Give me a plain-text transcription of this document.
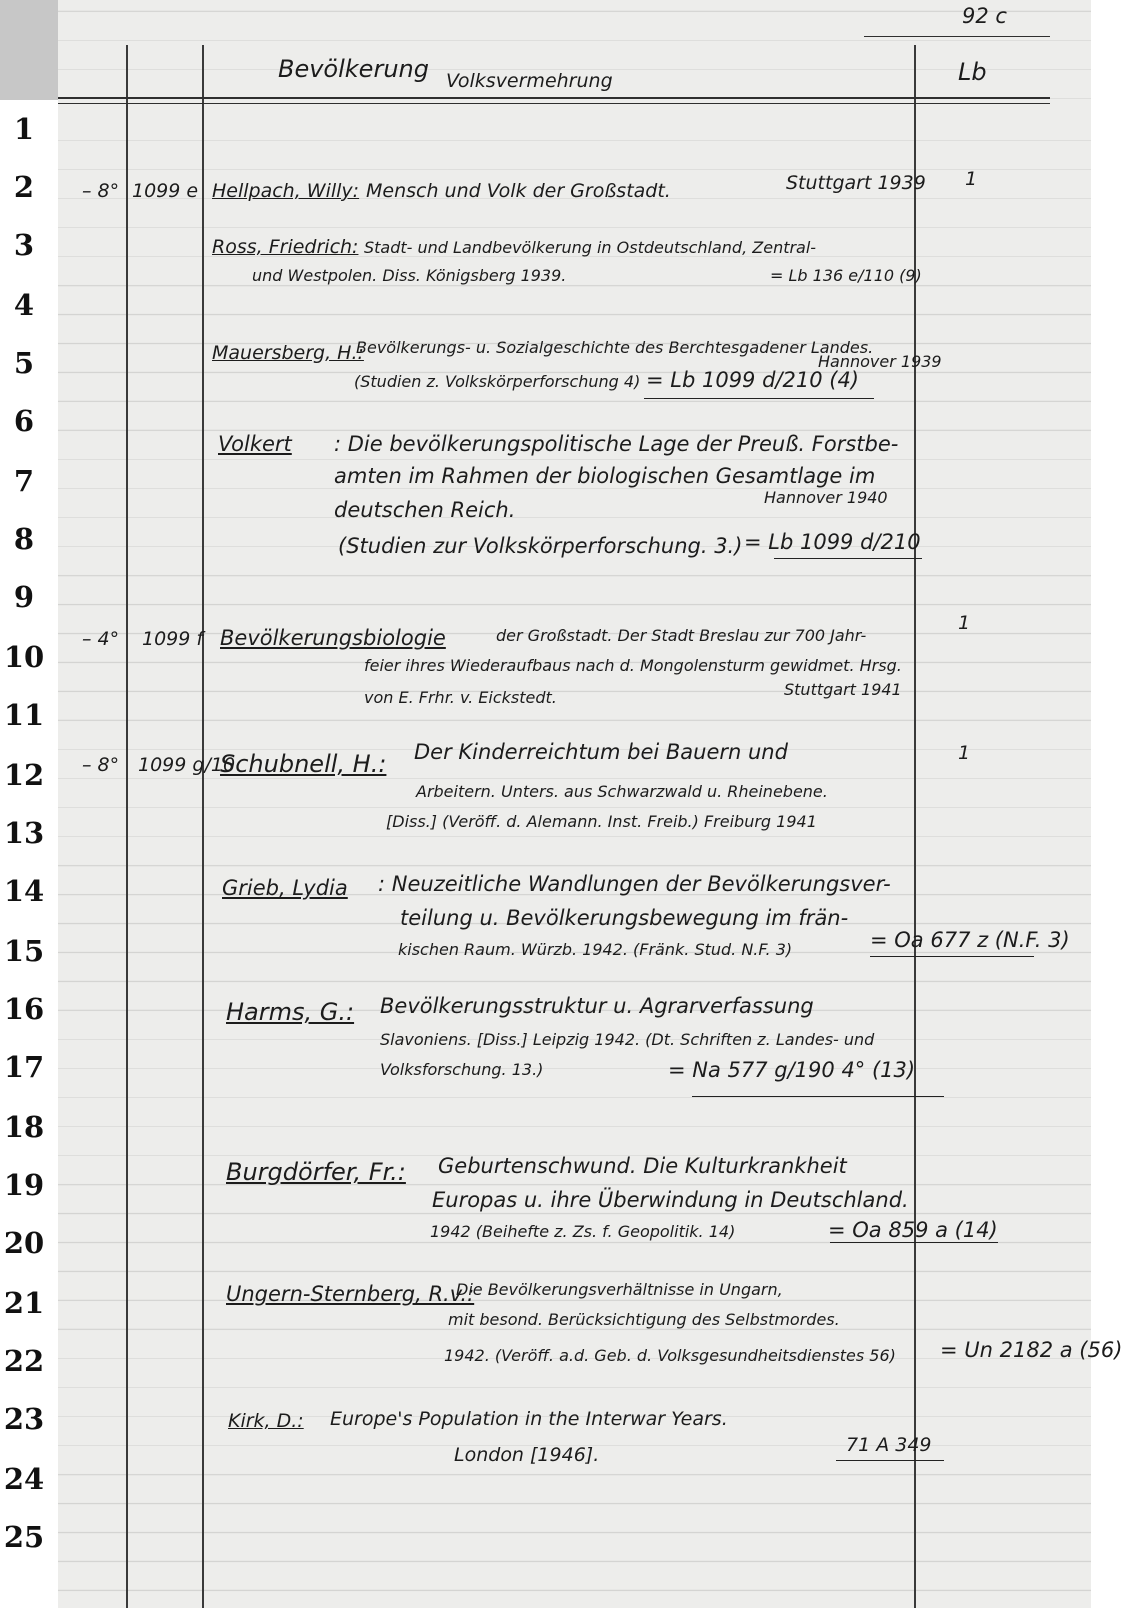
1
2
3
4
5
6
7
8
9
10
11
12
13
14
15
16
17
18
19
20
21
22
23
24
25
92 c
Bevölkerung Volksvermehrung	Lb
– 8° 1099 e Hellpach, Willy: Mensch und Volk der Großstadt.	Stuttgart 1939 1
Ross, Friedrich: Stadt- und Landbevölkerung in Ostdeutschland, Zentral-
und Westpolen. Diss. Königsberg 1939.	= Lb 136 e/110 (9)
Mauersberg, H.:
Bevölkerungs- u. Sozialgeschichte des Berchtesgadener Landes.
(Studien z. Volkskörperforschung 4)
Hannover 1939
= Lb 1099 d/210 (4)
Volkert : Die bevölkerungspolitische Lage der Preuß. Forstbe-
amten im Rahmen der biologischen Gesamtlage im
deutschen Reich.
Hannover 1940
(Studien zur Volkskörperforschung. 3.) = Lb 1099 d/210
– 4° 1099 f Bevölkerungsbiologie	der Großstadt. Der Stadt Breslau zur 700 Jahr-
feier ihres Wiederaufbaus nach d. Mongolensturm gewidmet. Hrsg.
von E. Frhr. v. Eickstedt.	Stuttgart 1941
1
– 8° 1099 g/10
Schubnell, H.: Der Kinderreichtum bei Bauern und
Arbeitern. Unters. aus Schwarzwald u. Rheinebene.
[Diss.] (Veröff. d. Alemann. Inst. Freib.) Freiburg 1941
1
Grieb, Lydia : Neuzeitliche Wandlungen der Bevölkerungsver-
teilung u. Bevölkerungsbewegung im frän-
kischen Raum. Würzb. 1942. (Fränk. Stud. N.F. 3)	= Oa 677 z (N.F. 3)
Harms, G.: Bevölkerungsstruktur u. Agrarverfassung
Slavoniens. [Diss.] Leipzig 1942. (Dt. Schriften z. Landes- und
Volksforschung. 13.)	= Na 577 g/190 4° (13)
Burgdörfer, Fr.: Geburtenschwund. Die Kulturkrankheit
Europas u. ihre Überwindung in Deutschland.
1942 (Beihefte z. Zs. f. Geopolitik. 14)	= Oa 859 a (14)
Ungern-Sternberg, R.v.:
Die Bevölkerungsverhältnisse in Ungarn,
mit besond. Berücksichtigung des Selbstmordes.
1942. (Veröff. a.d. Geb. d. Volksgesundheitsdienstes 56) = Un 2182 a (56)
Kirk, D.: Europe's Population in the Interwar Years.
London [1946].	71 A 349
